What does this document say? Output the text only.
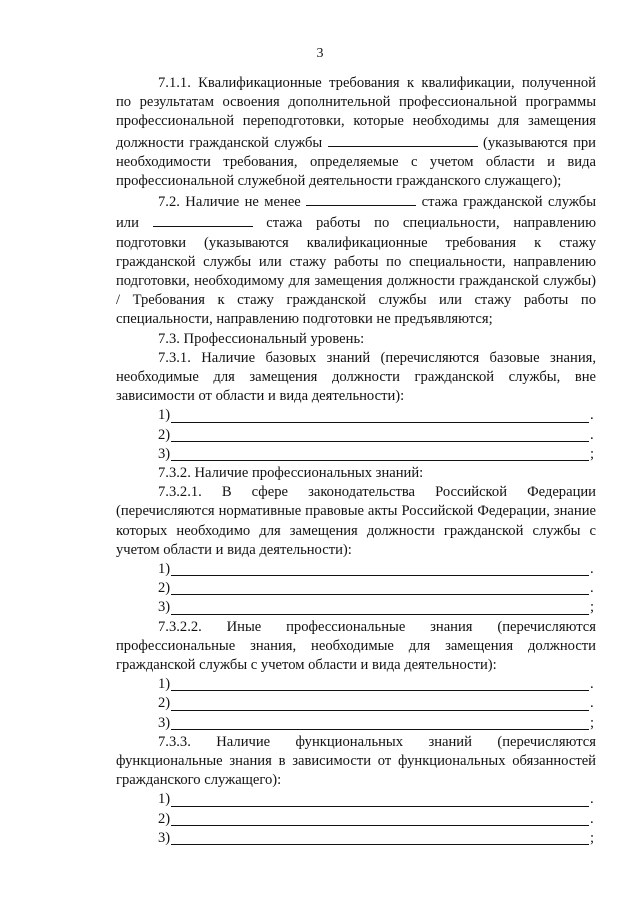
3

7.1.1. Квалификационные требования к квалификации, полученной по результатам освоения дополнительной профессиональной программы профессиональной переподготовки, которые необходимы для замещения должности гражданской службы	(указываются при необходимости требования, определяемые с учетом области и вида профессиональной служебной деятельности гражданского служащего);

7.2. Наличие не менее	стажа гражданской службы или	стажа работы по специальности, направлению подготовки (указываются квалификационные требования к стажу гражданской службы или стажу работы по специальности, направлению подготовки, необходимому для замещения должности гражданской службы) / Требования к стажу гражданской службы или стажу работы по специальности, направлению подготовки не предъявляются;

7.3. Профессиональный уровень:

7.3.1. Наличие базовых знаний (перечисляются базовые знания, необходимые для замещения должности гражданской службы, вне зависимости от области и вида деятельности):

1)	.
2)	.
3)	;

7.3.2. Наличие профессиональных знаний:

7.3.2.1. В сфере законодательства Российской Федерации (перечисляются нормативные правовые акты Российской Федерации, знание которых необходимо для замещения должности гражданской службы с учетом области и вида деятельности):

1)	.
2)	.
3)	;

7.3.2.2. Иные профессиональные знания (перечисляются профессиональные знания, необходимые для замещения должности гражданской службы с учетом области и вида деятельности):

1)	.
2)	.
3)	;

7.3.3. Наличие функциональных знаний (перечисляются функциональные знания в зависимости от функциональных обязанностей гражданского служащего):

1)	.
2)	.
3)	;
